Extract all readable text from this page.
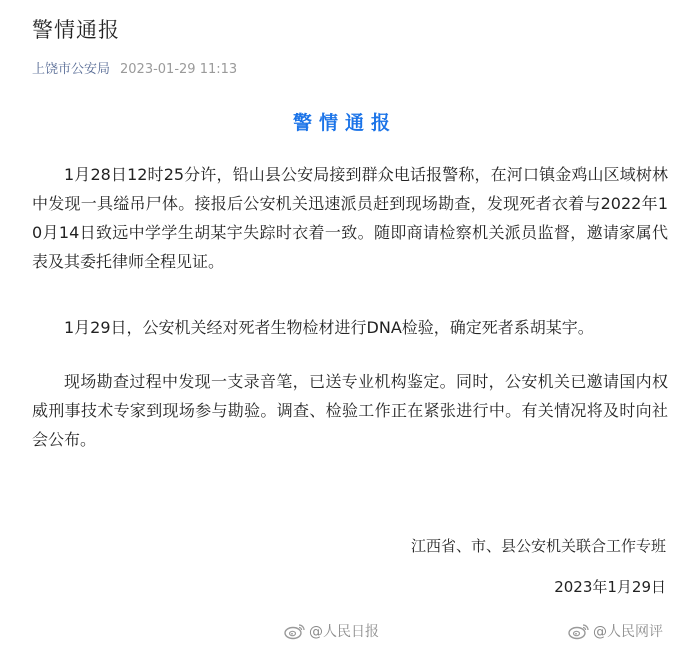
警情通报
上饶市公安局 2023-01-29 11:13
警情通报

1月28日12时25分许，铅山县公安局接到群众电话报警称，在河口镇金鸡山区域树林中发现一具缢吊尸体。接报后公安机关迅速派员赶到现场勘查，发现死者衣着与2022年10月14日致远中学学生胡某宇失踪时衣着一致。随即商请检察机关派员监督，邀请家属代表及其委托律师全程见证。

1月29日，公安机关经对死者生物检材进行DNA检验，确定死者系胡某宇。

现场勘查过程中发现一支录音笔，已送专业机构鉴定。同时，公安机关已邀请国内权威刑事技术专家到现场参与勘验。调查、检验工作正在紧张进行中。有关情况将及时向社会公布。

江西省、市、县公安机关联合工作专班
2023年1月29日
@人民日报	@人民网评
